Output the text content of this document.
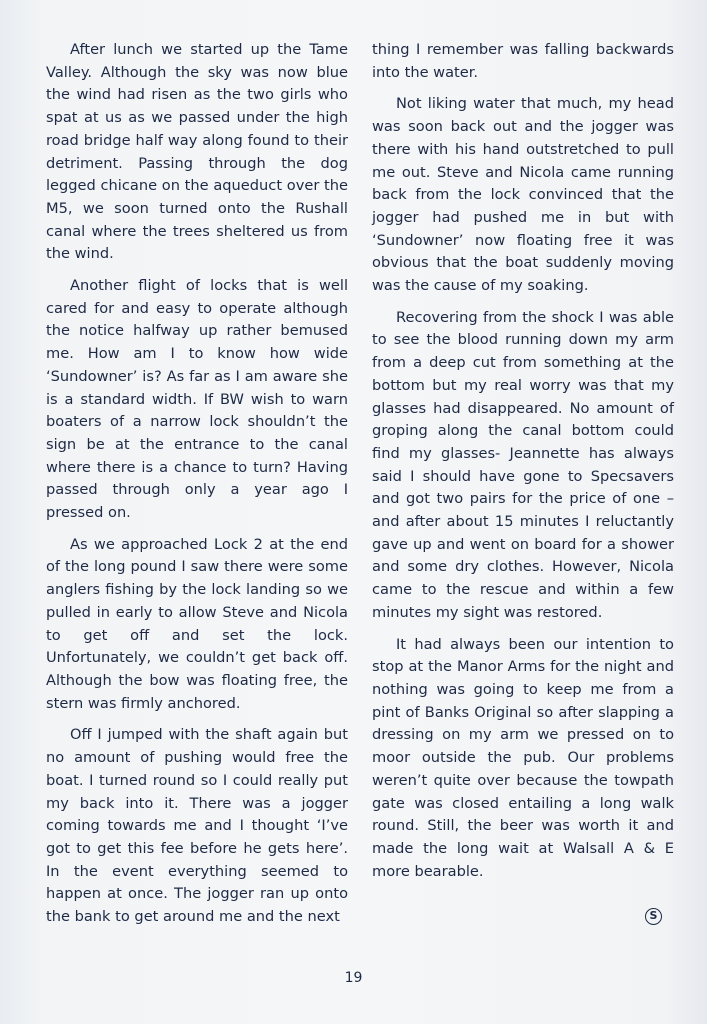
After lunch we started up the Tame Valley. Although the sky was now blue the wind had risen as the two girls who spat at us as we passed under the high road bridge half way along found to their detriment. Passing through the dog legged chicane on the aqueduct over the M5, we soon turned onto the Rushall canal where the trees sheltered us from the wind.

Another flight of locks that is well cared for and easy to operate although the notice halfway up rather bemused me. How am I to know how wide ‘Sundowner’ is? As far as I am aware she is a standard width. If BW wish to warn boaters of a narrow lock shouldn’t the sign be at the entrance to the canal where there is a chance to turn? Having passed through only a year ago I pressed on.

As we approached Lock 2 at the end of the long pound I saw there were some anglers fishing by the lock landing so we pulled in early to allow Steve and Nicola to get off and set the lock. Unfortunately, we couldn’t get back off. Although the bow was floating free, the stern was firmly anchored.

Off I jumped with the shaft again but no amount of pushing would free the boat. I turned round so I could really put my back into it. There was a jogger coming towards me and I thought ‘I’ve got to get this fee before he gets here’. In the event everything seemed to happen at once. The jogger ran up onto the bank to get around me and the next

thing I remember was falling backwards into the water.

Not liking water that much, my head was soon back out and the jogger was there with his hand outstretched to pull me out. Steve and Nicola came running back from the lock convinced that the jogger had pushed me in but with ‘Sundowner’ now floating free it was obvious that the boat suddenly moving was the cause of my soaking.

Recovering from the shock I was able to see the blood running down my arm from a deep cut from something at the bottom but my real worry was that my glasses had disappeared. No amount of groping along the canal bottom could find my glasses- Jeannette has always said I should have gone to Specsavers and got two pairs for the price of one – and after about 15 minutes I reluctantly gave up and went on board for a shower and some dry clothes. However, Nicola came to the rescue and within a few minutes my sight was restored.

It had always been our intention to stop at the Manor Arms for the night and nothing was going to keep me from a pint of Banks Original so after slapping a dressing on my arm we pressed on to moor outside the pub. Our problems weren’t quite over because the towpath gate was closed entailing a long walk round. Still, the beer was worth it and made the long wait at Walsall A & E more bearable.

S
19
